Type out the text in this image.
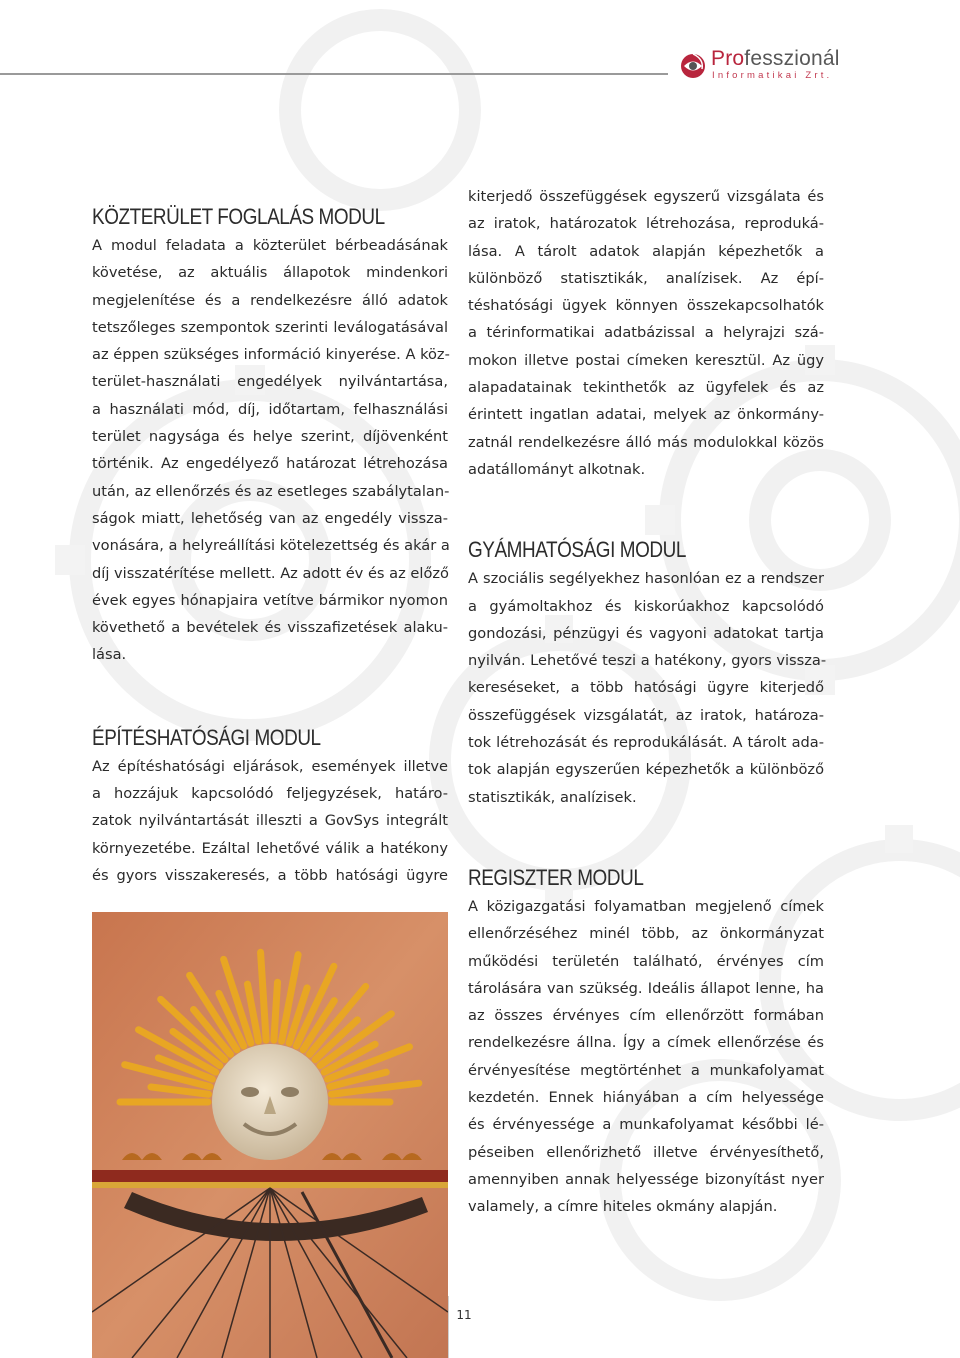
Professzionál
Informatikai Zrt.
KÖZTERÜLET FOGLALÁS MODUL
A modul feladata a közterület bérbeadásának
követése, az aktuális állapotok mindenkori
megjelenítése és a rendelkezésre álló adatok
tetszőleges szempontok szerinti leválogatásával
az éppen szükséges információ kinyerése. A köz-
terület-használati engedélyek nyilvántartása,
a használati mód, díj, időtartam, felhasználási
terület nagysága és helye szerint, díjövenként
történik. Az engedélyező határozat létrehozása
után, az ellenőrzés és az esetleges szabálytalan-
ságok miatt, lehetőség van az engedély vissza-
vonására, a helyreállítási kötelezettség és akár a
díj visszatérítése mellett. Az adott év és az előző
évek egyes hónapjaira vetítve bármikor nyomon
követhető a bevételek és visszafizetések alaku-
lása.
ÉPÍTÉSHATÓSÁGI MODUL
Az építéshatósági eljárások, események illetve
a hozzájuk kapcsolódó feljegyzések, határo-
zatok nyilvántartását illeszti a GovSys integrált
környezetébe. Ezáltal lehetővé válik a hatékony
és gyors visszakeresés, a több hatósági ügyre
kiterjedő összefüggések egyszerű vizsgálata és
az iratok, határozatok létrehozása, reproduká-
lása. A tárolt adatok alapján képezhetők a
különböző statisztikák, analízisek. Az épí-
téshatósági ügyek könnyen összekapcsolhatók
a térinformatikai adatbázissal a helyrajzi szá-
mokon illetve postai címeken keresztül. Az ügy
alapadatainak tekinthetők az ügyfelek és az
érintett ingatlan adatai, melyek az önkormány-
zatnál rendelkezésre álló más modulokkal közös
adatállományt alkotnak.
GYÁMHATÓSÁGI MODUL
A szociális segélyekhez hasonlóan ez a rendszer
a gyámoltakhoz és kiskorúakhoz kapcsolódó
gondozási, pénzügyi és vagyoni adatokat tartja
nyilván. Lehetővé teszi a hatékony, gyors vissza-
kereséseket, a több hatósági ügyre kiterjedő
összefüggések vizsgálatát, az iratok, határoza-
tok létrehozását és reprodukálását. A tárolt ada-
tok alapján egyszerűen képezhetők a különböző
statisztikák, analízisek.
REGISZTER MODUL
A közigazgatási folyamatban megjelenő címek
ellenőrzéséhez minél több, az önkormányzat
működési területén található, érvényes cím
tárolására van szükség. Ideális állapot lenne, ha
az összes érvényes cím ellenőrzött formában
rendelkezésre állna. Így a címek ellenőrzése és
érvényesítése megtörténhet a munkafolyamat
kezdetén. Ennek hiányában a cím helyessége
és érvényessége a munkafolyamat későbbi lé-
péseiben ellenőrizhető illetve érvényesíthető,
amennyiben annak helyessége bizonyítást nyer
valamely, a címre hiteles okmány alapján.
11
